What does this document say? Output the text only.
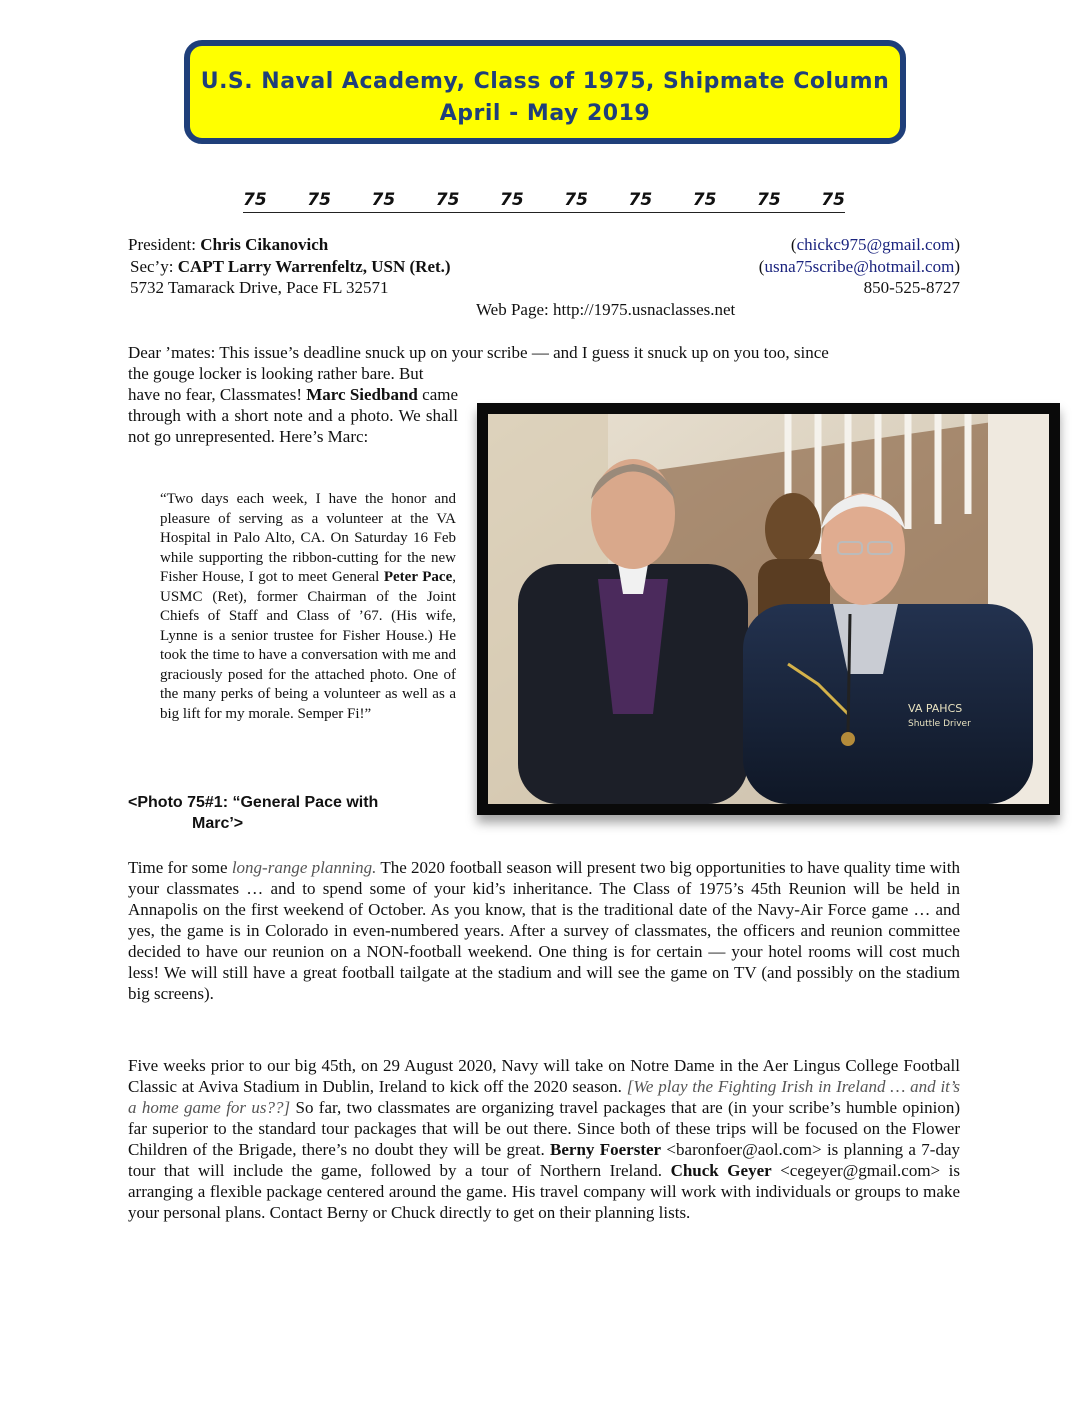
U.S. Naval Academy, Class of 1975, Shipmate Column
April - May 2019
75 75 75 75 75 75 75 75 75 75
President: Chris Cikanovich	(chickc975@gmail.com)
Sec’y: CAPT Larry Warrenfeltz, USN (Ret.)	(usna75scribe@hotmail.com)
5732 Tamarack Drive, Pace FL 32571	850-525-8727
Web Page: http://1975.usnaclasses.net
Dear ’mates: This issue’s deadline snuck up on your scribe — and I guess it snuck up on you too, since
the gouge locker is looking rather bare. But
have no fear, Classmates! Marc Siedband came through with a short note and a photo. We shall not go unrepresented. Here’s Marc:
“Two days each week, I have the honor and pleasure of serving as a volunteer at the VA Hospital in Palo Alto, CA. On Saturday 16 Feb while supporting the ribbon-cutting for the new Fisher House, I got to meet General Peter Pace, USMC (Ret), former Chairman of the Joint Chiefs of Staff and Class of ’67. (His wife, Lynne is a senior trustee for Fisher House.) He took the time to have a conversation with me and graciously posed for the attached photo. One of the many perks of being a volunteer as well as a big lift for my morale. Semper Fi!”
<Photo 75#1: “General Pace with
Marc’>
VA PAHCS
Shuttle Driver
Time for some long-range planning. The 2020 football season will present two big opportunities to have quality time with your classmates … and to spend some of your kid’s inheritance. The Class of 1975’s 45th Reunion will be held in Annapolis on the first weekend of October. As you know, that is the traditional date of the Navy-Air Force game … and yes, the game is in Colorado in even-numbered years. After a survey of classmates, the officers and reunion committee decided to have our reunion on a NON-football weekend. One thing is for certain — your hotel rooms will cost much less! We will still have a great football tailgate at the stadium and will see the game on TV (and possibly on the stadium big screens).
Five weeks prior to our big 45th, on 29 August 2020, Navy will take on Notre Dame in the Aer Lingus College Football Classic at Aviva Stadium in Dublin, Ireland to kick off the 2020 season. [We play the Fighting Irish in Ireland … and it’s a home game for us??] So far, two classmates are organizing travel packages that are (in your scribe’s humble opinion) far superior to the standard tour packages that will be out there. Since both of these trips will be focused on the Flower Children of the Brigade, there’s no doubt they will be great. Berny Foerster <baronfoer@aol.com> is planning a 7-day tour that will include the game, followed by a tour of Northern Ireland. Chuck Geyer <cegeyer@gmail.com> is arranging a flexible package centered around the game. His travel company will work with individuals or groups to make your personal plans. Contact Berny or Chuck directly to get on their planning lists.
